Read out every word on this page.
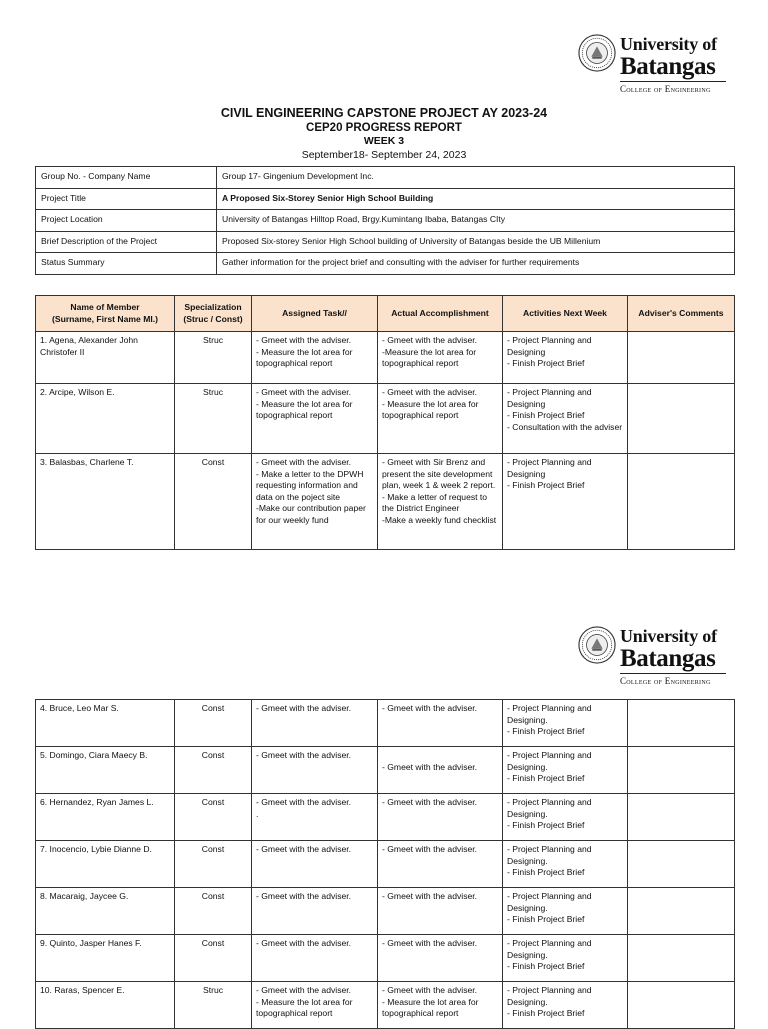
University of
Batangas
College of Engineering
CIVIL ENGINEERING CAPSTONE PROJECT AY 2023-24
CEP20 PROGRESS REPORT
WEEK 3
September18- September 24, 2023
Group No. - Company Name	Group 17- Gingenium Development Inc.
Project Title	A Proposed Six-Storey Senior High School Building
Project Location	University of Batangas Hilltop Road, Brgy.Kumintang Ibaba, Batangas CIty
Brief Description of the Project	Proposed Six-storey Senior High School building of University of Batangas beside the UB Millenium
Status Summary	Gather information for the project brief and consulting with the adviser for further requirements
Name of Member
(Surname, First Name MI.)	Specialization
(Struc / Const)	Assigned Task//	Actual Accomplishment	Activities Next Week	Adviser's Comments
1. Agena, Alexander John Christofer II	Struc	- Gmeet with the adviser.
- Measure the lot area for topographical report	- Gmeet with the adviser.
-Measure the lot area for topographical report	- Project Planning and Designing
- Finish Project Brief	

2. Arcipe, Wilson E.	Struc	- Gmeet with the adviser.
- Measure the lot area for topographical report	- Gmeet with the adviser.
- Measure the lot area for topographical report	- Project Planning and Designing
- Finish Project Brief
- Consultation with the adviser	

3. Balasbas, Charlene T.	Const	- Gmeet with the adviser.
- Make a letter to the DPWH requesting information and data on the poject site
-Make our contribution paper for our weekly fund	- Gmeet with Sir Brenz and present the site development plan, week 1 & week 2 report.
- Make a letter of request to the District Engineer
-Make a weekly fund checklist	- Project Planning and Designing
- Finish Project Brief	

University of
Batangas
College of Engineering
4. Bruce, Leo Mar S.	Const	- Gmeet with the adviser.	- Gmeet with the adviser.	- Project Planning and Designing.
- Finish Project Brief	

5. Domingo, Ciara Maecy B.	Const	- Gmeet with the adviser.	- Gmeet with the adviser.	- Project Planning and Designing.
- Finish Project Brief	

6. Hernandez, Ryan James L.	Const	- Gmeet with the adviser.
.	- Gmeet with the adviser.	- Project Planning and Designing.
- Finish Project Brief	

7. Inocencio, Lybie Dianne D.	Const	- Gmeet with the adviser.	- Gmeet with the adviser.	- Project Planning and Designing.
- Finish Project Brief	

8. Macaraig, Jaycee G.	Const	- Gmeet with the adviser.	- Gmeet with the adviser.	- Project Planning and Designing.
- Finish Project Brief	

9. Quinto, Jasper Hanes F.	Const	- Gmeet with the adviser.	- Gmeet with the adviser.	- Project Planning and Designing.
- Finish Project Brief	

10. Raras, Spencer E.	Struc	- Gmeet with the adviser.
- Measure the lot area for topographical report	- Gmeet with the adviser.
- Measure the lot area for topographical report	- Project Planning and Designing.
- Finish Project Brief	
